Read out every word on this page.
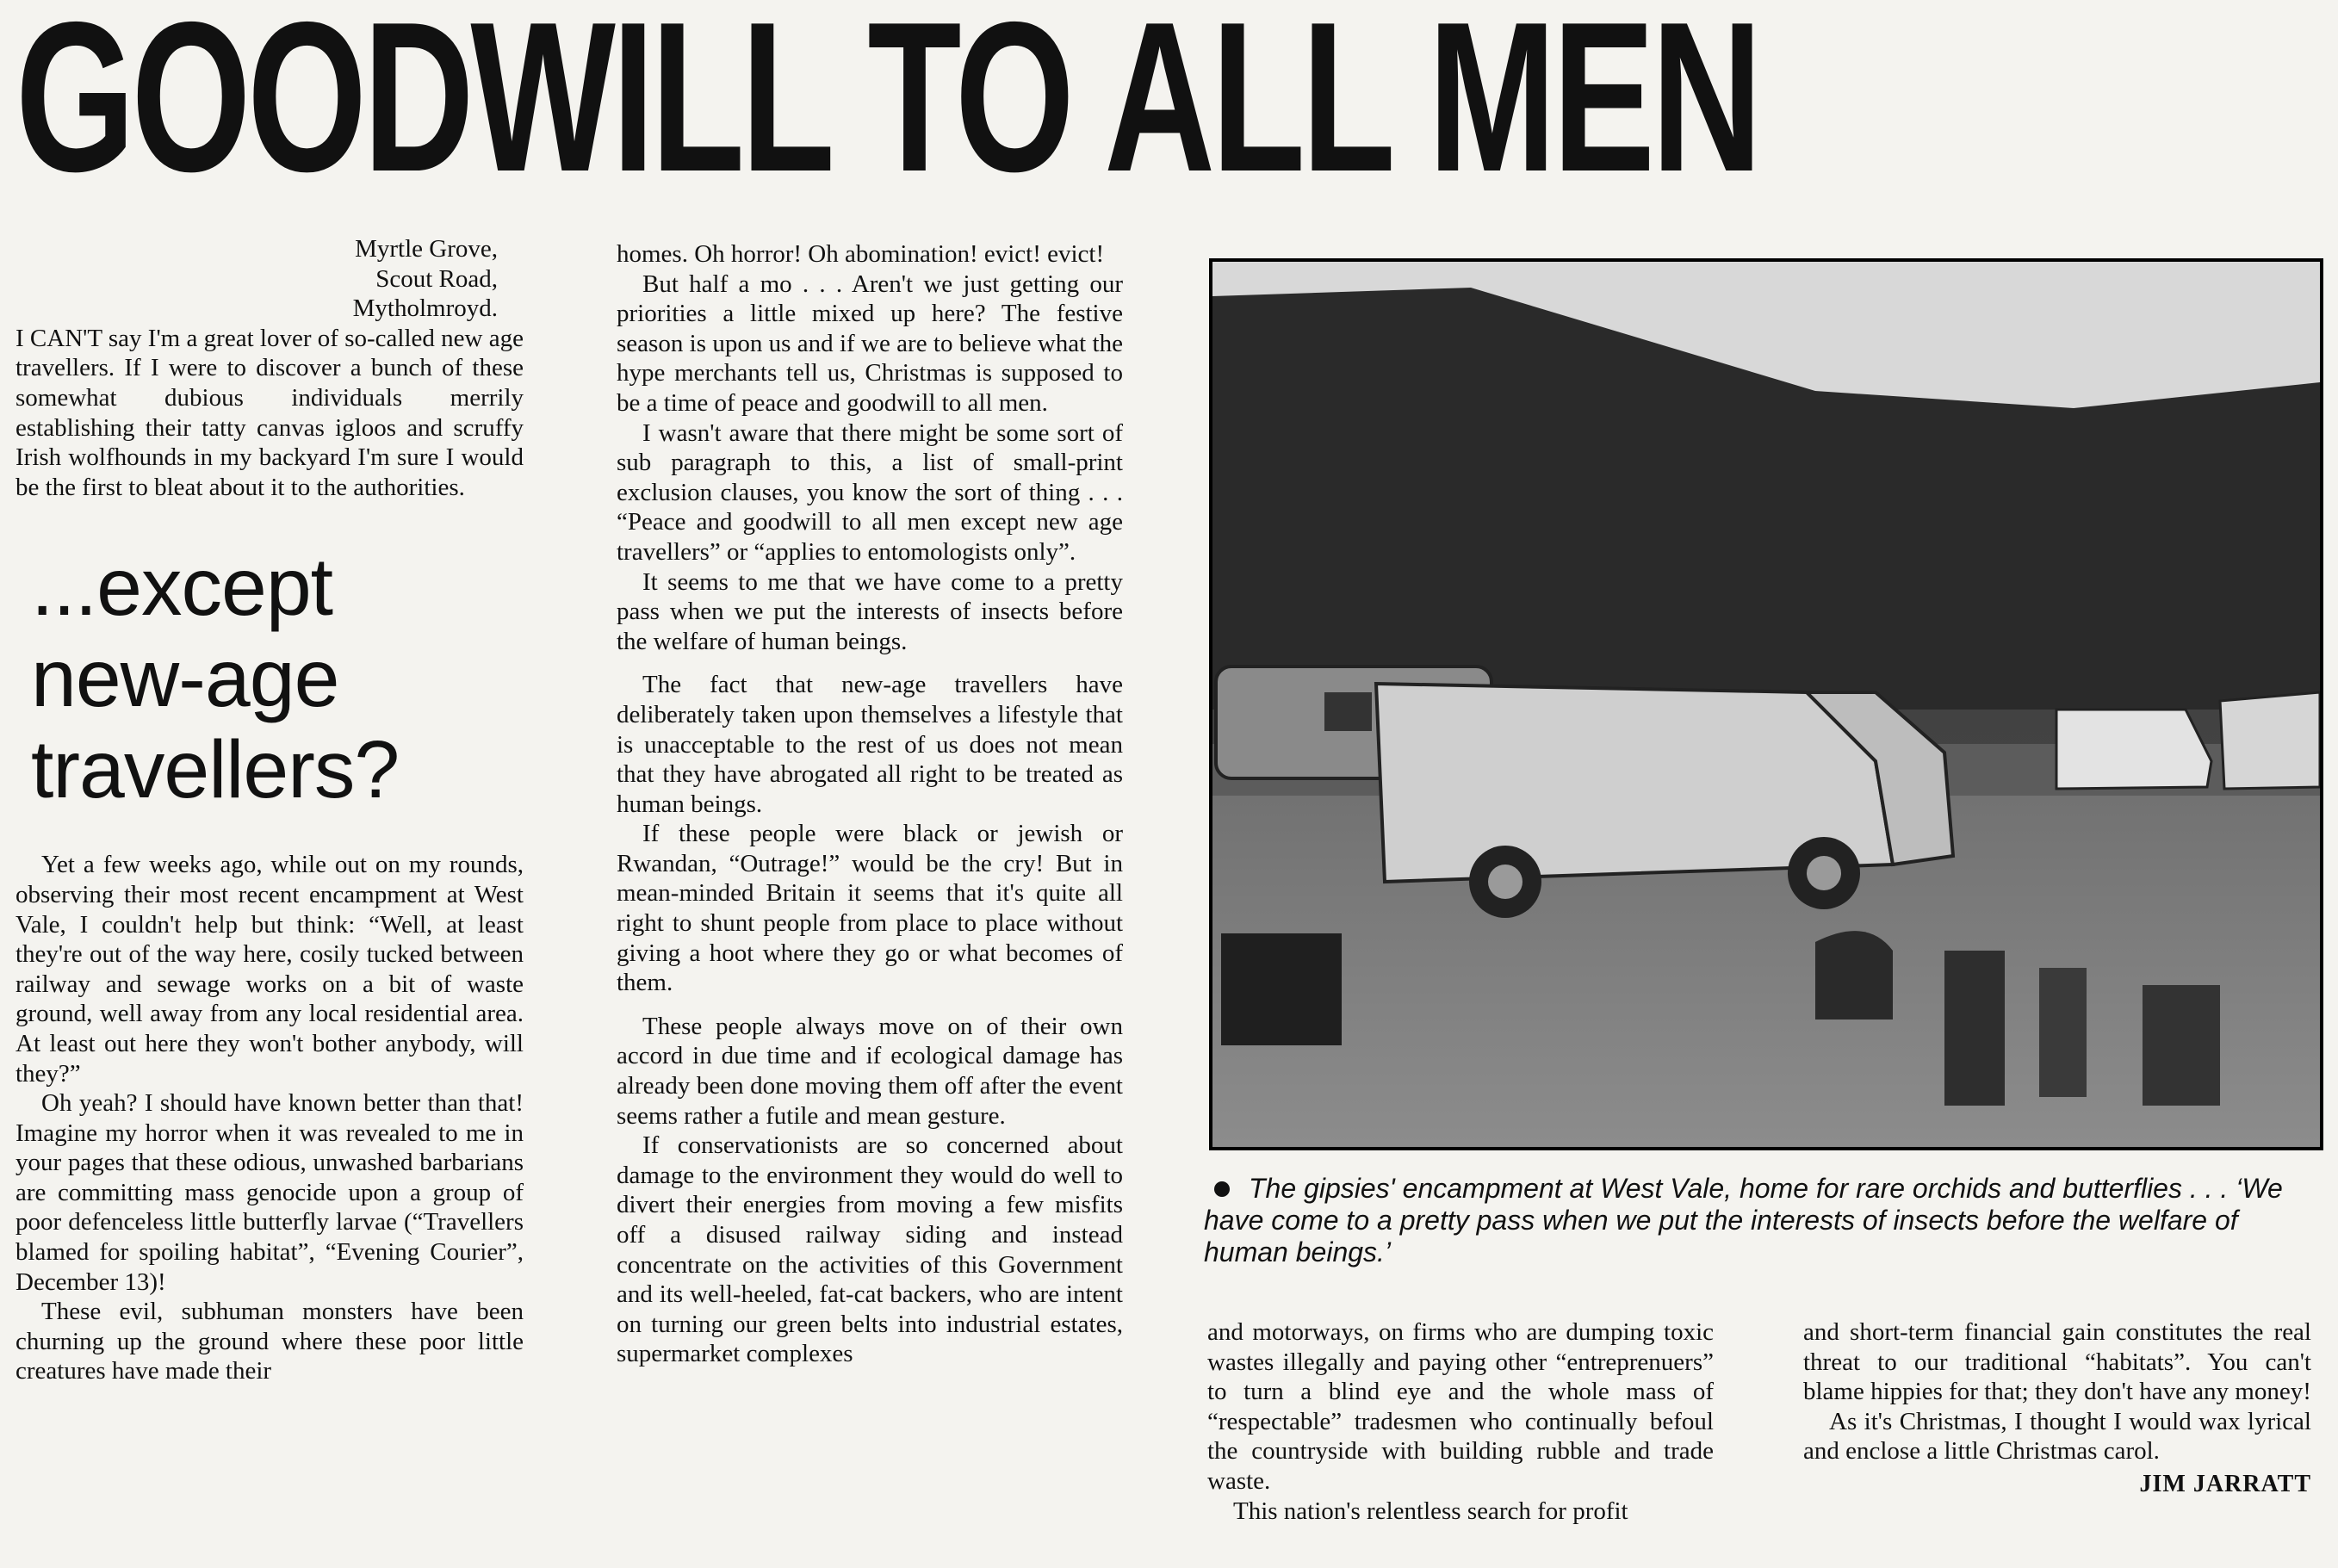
GOODWILL TO ALL MEN
Myrtle Grove,
Scout Road,
Mytholmroyd.

I CAN'T say I'm a great lover of so-called new age travellers. If I were to discover a bunch of these somewhat dubious individuals merrily establishing their tatty canvas igloos and scruffy Irish wolfhounds in my backyard I'm sure I would be the first to bleat about it to the authorities.

...except
new-age
travellers?

Yet a few weeks ago, while out on my rounds, observing their most recent encampment at West Vale, I couldn't help but think: “Well, at least they're out of the way here, cosily tucked between railway and sewage works on a bit of waste ground, well away from any local residential area. At least out here they won't bother anybody, will they?”

Oh yeah? I should have known better than that! Imagine my horror when it was revealed to me in your pages that these odious, unwashed barbarians are committing mass genocide upon a group of poor defenceless little butterfly larvae (“Travellers blamed for spoiling habitat”, “Evening Courier”, December 13)!

These evil, subhuman monsters have been churning up the ground where these poor little creatures have made their

homes. Oh horror! Oh abomination! evict! evict!

But half a mo . . . Aren't we just getting our priorities a little mixed up here? The festive season is upon us and if we are to believe what the hype merchants tell us, Christmas is supposed to be a time of peace and goodwill to all men.

I wasn't aware that there might be some sort of sub paragraph to this, a list of small-print exclusion clauses, you know the sort of thing . . . “Peace and goodwill to all men except new age travellers” or “applies to entomologists only”.

It seems to me that we have come to a pretty pass when we put the interests of insects before the welfare of human beings.

The fact that new-age travellers have deliberately taken upon themselves a lifestyle that is unacceptable to the rest of us does not mean that they have abrogated all right to be treated as human beings.

If these people were black or jewish or Rwandan, “Outrage!” would be the cry! But in mean-minded Britain it seems that it's quite all right to shunt people from place to place without giving a hoot where they go or what becomes of them.

These people always move on of their own accord in due time and if ecological damage has already been done moving them off after the event seems rather a futile and mean gesture.

If conservationists are so concerned about damage to the environment they would do well to divert their energies from moving a few misfits off a disused railway siding and instead concentrate on the activities of this Government and its well-heeled, fat-cat backers, who are intent on turning our green belts into industrial estates, supermarket complexes

The gipsies' encampment at West Vale, home for rare orchids and butterflies . . . ‘We have come to a pretty pass when we put the interests of insects before the welfare of human beings.’

and motorways, on firms who are dumping toxic wastes illegally and paying other “entreprenuers” to turn a blind eye and the whole mass of “respectable” tradesmen who continually befoul the countryside with building rubble and trade waste.

This nation's relentless search for profit

and short-term financial gain constitutes the real threat to our traditional “habitats”. You can't blame hippies for that; they don't have any money!

As it's Christmas, I thought I would wax lyrical and enclose a little Christmas carol.

JIM JARRATT
